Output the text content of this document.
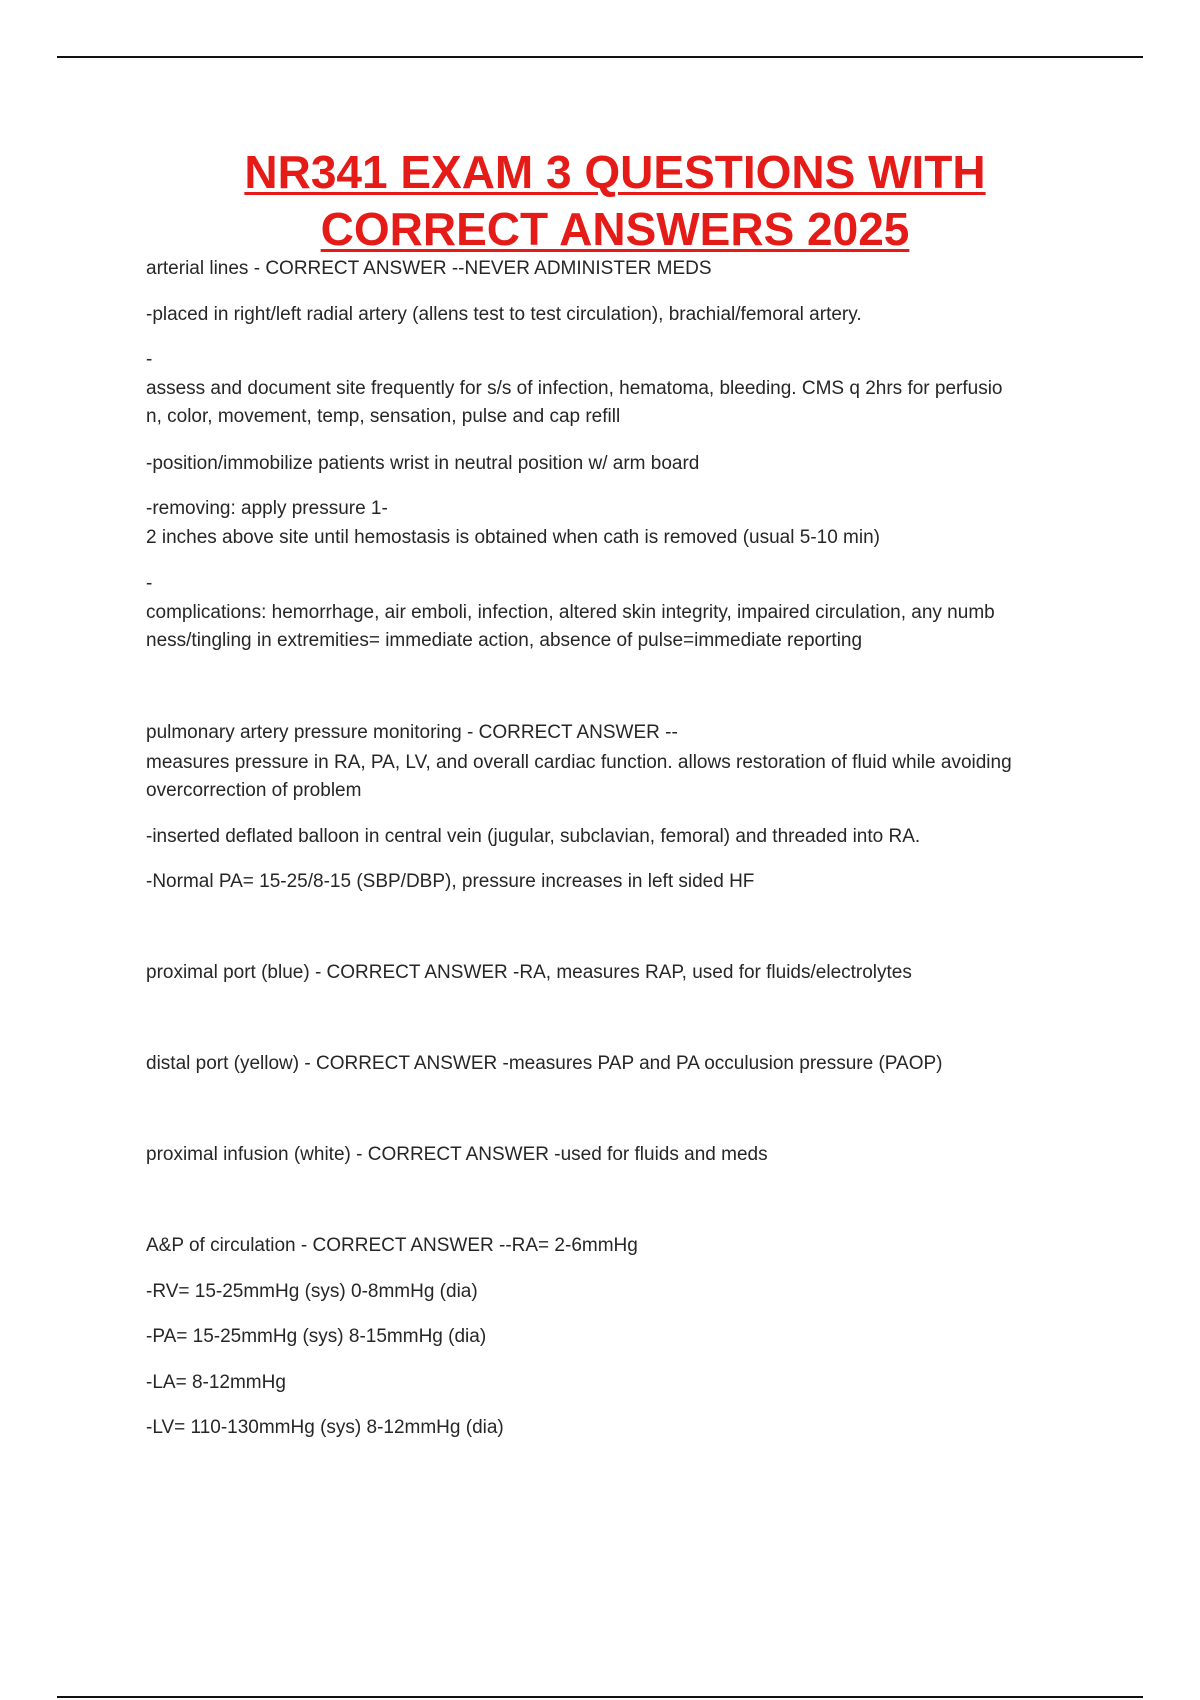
NR341 EXAM 3 QUESTIONS WITH
CORRECT ANSWERS 2025

arterial lines - CORRECT ANSWER --NEVER ADMINISTER MEDS

-placed in right/left radial artery (allens test to test circulation), brachial/femoral artery.

-

assess and document site frequently for s/s of infection, hematoma, bleeding. CMS q 2hrs for perfusio

n, color, movement, temp, sensation, pulse and cap refill

-position/immobilize patients wrist in neutral position w/ arm board

-removing: apply pressure 1-

2 inches above site until hemostasis is obtained when cath is removed (usual 5-10 min)

-

complications: hemorrhage, air emboli, infection, altered skin integrity, impaired circulation, any numb

ness/tingling in extremities= immediate action, absence of pulse=immediate reporting

pulmonary artery pressure monitoring - CORRECT ANSWER --

measures pressure in RA, PA, LV, and overall cardiac function. allows restoration of fluid while avoiding

overcorrection of problem

-inserted deflated balloon in central vein (jugular, subclavian, femoral) and threaded into RA.

-Normal PA= 15-25/8-15 (SBP/DBP), pressure increases in left sided HF

proximal port (blue) - CORRECT ANSWER -RA, measures RAP, used for fluids/electrolytes

distal port (yellow) - CORRECT ANSWER -measures PAP and PA occulusion pressure (PAOP)

proximal infusion (white) - CORRECT ANSWER -used for fluids and meds

A&P of circulation - CORRECT ANSWER --RA= 2-6mmHg

-RV= 15-25mmHg (sys) 0-8mmHg (dia)

-PA= 15-25mmHg (sys) 8-15mmHg (dia)

-LA= 8-12mmHg

-LV= 110-130mmHg (sys) 8-12mmHg (dia)
